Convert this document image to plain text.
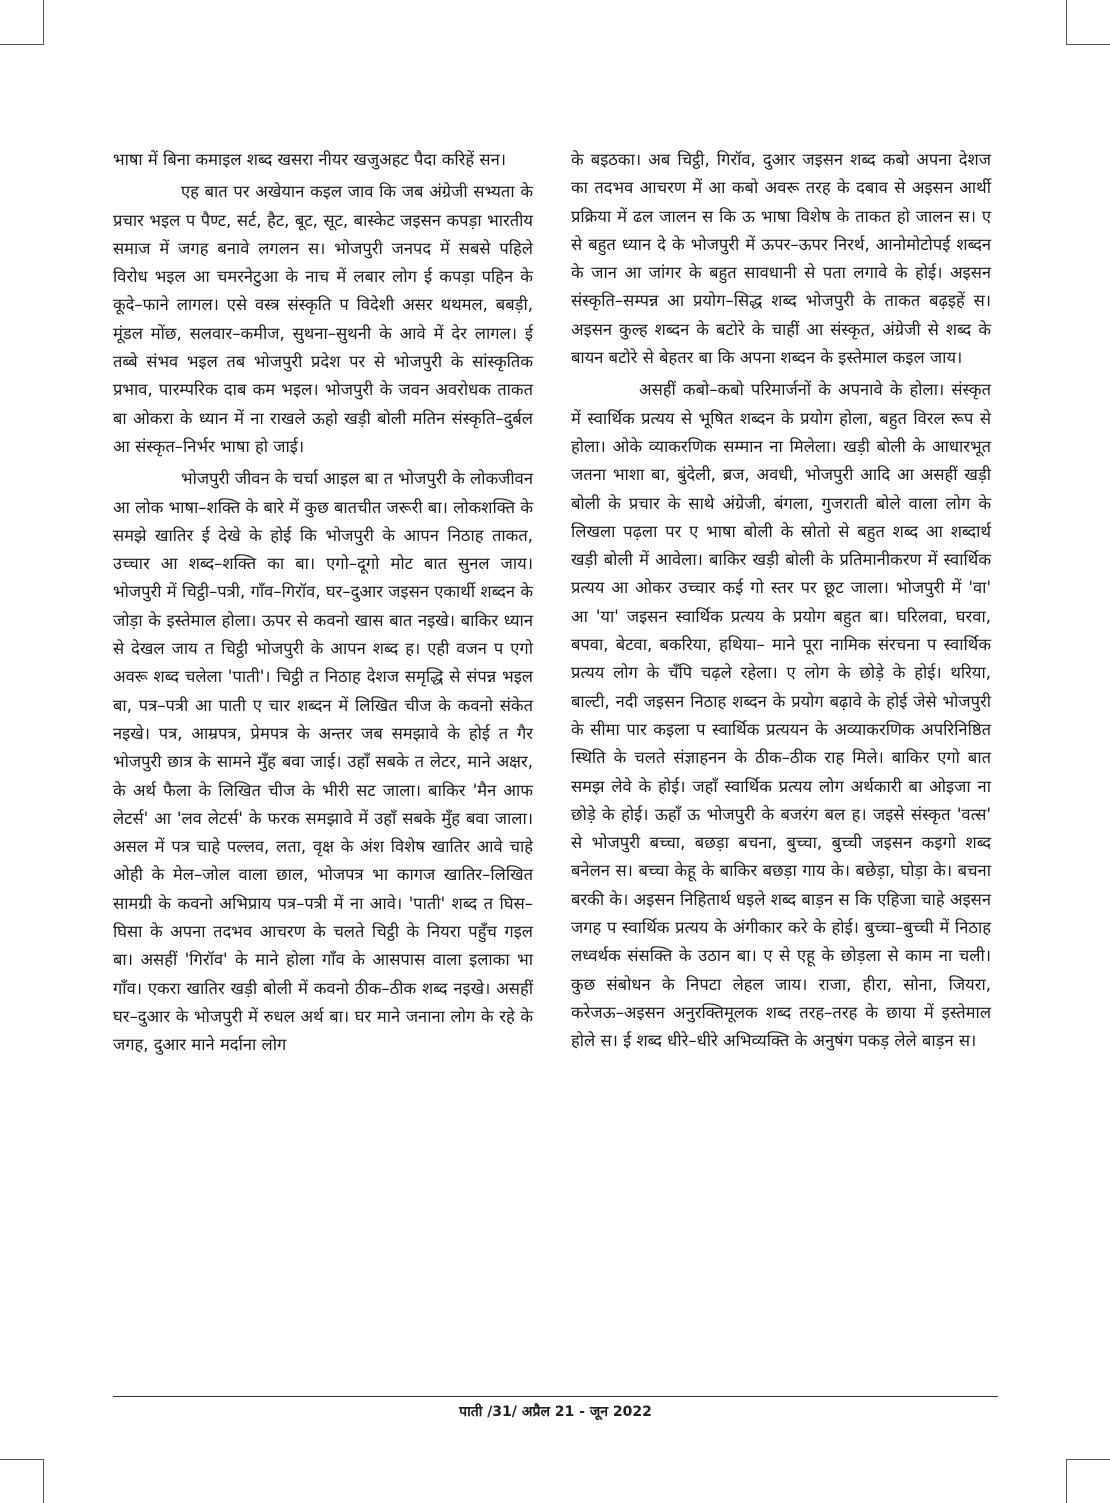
भाषा में बिना कमाइल शब्द खसरा नीयर खजुअहट पैदा करिहें सन।

एह बात पर अखेयान कइल जाव कि जब अंग्रेजी सभ्यता के प्रचार भइल प पैण्ट, सर्ट, हैट, बूट, सूट, बास्केट जइसन कपड़ा भारतीय समाज में जगह बनावे लगलन स। भोजपुरी जनपद में सबसे पहिले विरोध भइल आ चमरनेटुआ के नाच में लबार लोग ई कपड़ा पहिन के कूदे–फाने लागल। एसे वस्त्र संस्कृति प विदेशी असर थथमल, बबड़ी, मूंडल मोंछ, सलवार–कमीज, सुथना–सुथनी के आवे में देर लागल। ई तब्बे संभव भइल तब भोजपुरी प्रदेश पर से भोजपुरी के सांस्कृतिक प्रभाव, पारम्परिक दाब कम भइल। भोजपुरी के जवन अवरोधक ताकत बा ओकरा के ध्यान में ना राखले ऊहो खड़ी बोली मतिन संस्कृति–दुर्बल आ संस्कृत–निर्भर भाषा हो जाई।

भोजपुरी जीवन के चर्चा आइल बा त भोजपुरी के लोकजीवन आ लोक भाषा–शक्ति के बारे में कुछ बातचीत जरूरी बा। लोकशक्ति के समझे खातिर ई देखे के होई कि भोजपुरी के आपन निठाह ताकत, उच्चार आ शब्द–शक्ति का बा। एगो–दूगो मोट बात सुनल जाय। भोजपुरी में चिट्ठी–पत्री, गाँव–गिरॉव, घर–दुआर जइसन एकार्थी शब्दन के जोड़ा के इस्तेमाल होला। ऊपर से कवनो खास बात नइखे। बाकिर ध्यान से देखल जाय त चिट्ठी भोजपुरी के आपन शब्द ह। एही वजन प एगो अवरू शब्द चलेला 'पाती'। चिट्ठी त निठाह देशज समृद्धि से संपन्न भइल बा, पत्र–पत्री आ पाती ए चार शब्दन में लिखित चीज के कवनो संकेत नइखे। पत्र, आम्रपत्र, प्रेमपत्र के अन्तर जब समझावे के होई त गैर भोजपुरी छात्र के सामने मुँह बवा जाई। उहाँ सबके त लेटर, माने अक्षर, के अर्थ फैला के लिखित चीज के भीरी सट जाला। बाकिर 'मैन आफ लेटर्स' आ 'लव लेटर्स' के फरक समझावे में उहाँ सबके मुँह बवा जाला। असल में पत्र चाहे पल्लव, लता, वृक्ष के अंश विशेष खातिर आवे चाहे ओही के मेल–जोल वाला छाल, भोजपत्र भा कागज खातिर–लिखित सामग्री के कवनो अभिप्राय पत्र–पत्री में ना आवे। 'पाती' शब्द त घिस–घिसा के अपना तदभव आचरण के चलते चिट्ठी के नियरा पहुँच गइल बा। असहीं 'गिरॉव' के माने होला गाँव के आसपास वाला इलाका भा गाँव। एकरा खातिर खड़ी बोली में कवनो ठीक–ठीक शब्द नइखे। असहीं घर–दुआर के भोजपुरी में रुधल अर्थ बा। घर माने जनाना लोग के रहे के जगह, दुआर माने मर्दाना लोग

के बइठका। अब चिट्ठी, गिरॉव, दुआर जइसन शब्द कबो अपना देशज का तदभव आचरण में आ कबो अवरू तरह के दबाव से अइसन आर्थी प्रक्रिया में ढल जालन स कि ऊ भाषा विशेष के ताकत हो जालन स। ए से बहुत ध्यान दे के भोजपुरी में ऊपर–ऊपर निरर्थ, आनोमोटोपई शब्दन के जान आ जांगर के बहुत सावधानी से पता लगावे के होई। अइसन संस्कृति–सम्पन्न आ प्रयोग–सिद्ध शब्द भोजपुरी के ताकत बढ़इहें स। अइसन कुल्ह शब्दन के बटोरे के चाहीं आ संस्कृत, अंग्रेजी से शब्द के बायन बटोरे से बेहतर बा कि अपना शब्दन के इस्तेमाल कइल जाय।

असहीं कबो–कबो परिमार्जनों के अपनावे के होला। संस्कृत में स्वार्थिक प्रत्यय से भूषित शब्दन के प्रयोग होला, बहुत विरल रूप से होला। ओके व्याकरणिक सम्मान ना मिलेला। खड़ी बोली के आधारभूत जतना भाशा बा, बुंदेली, ब्रज, अवधी, भोजपुरी आदि आ असहीं खड़ी बोली के प्रचार के साथे अंग्रेजी, बंगला, गुजराती बोले वाला लोग के लिखला पढ़ला पर ए भाषा बोली के स्रोतो से बहुत शब्द आ शब्दार्थ खड़ी बोली में आवेला। बाकिर खड़ी बोली के प्रतिमानीकरण में स्वार्थिक प्रत्यय आ ओकर उच्चार कई गो स्तर पर छूट जाला। भोजपुरी में 'वा' आ 'या' जइसन स्वार्थिक प्रत्यय के प्रयोग बहुत बा। घरिलवा, घरवा, बपवा, बेटवा, बकरिया, हथिया– माने पूरा नामिक संरचना प स्वार्थिक प्रत्यय लोग के चँपि चढ़ले रहेला। ए लोग के छोड़े के होई। थरिया, बाल्टी, नदी जइसन निठाह शब्दन के प्रयोग बढ़ावे के होई जेसे भोजपुरी के सीमा पार कइला प स्वार्थिक प्रत्ययन के अव्याकरणिक अपरिनिष्ठित स्थिति के चलते संज्ञाहनन के ठीक–ठीक राह मिले। बाकिर एगो बात समझ लेवे के होई। जहाँ स्वार्थिक प्रत्यय लोग अर्थकारी बा ओइजा ना छोड़े के होई। ऊहाँ ऊ भोजपुरी के बजरंग बल ह। जइसे संस्कृत 'वत्स' से भोजपुरी बच्चा, बछड़ा बचना, बुच्चा, बुच्ची जइसन कइगो शब्द बनेलन स। बच्चा केहू के बाकिर बछड़ा गाय के। बछेड़ा, घोड़ा के। बचना बरकी के। अइसन निहितार्थ धइले शब्द बाड़न स कि एहिजा चाहे अइसन जगह प स्वार्थिक प्रत्यय के अंगीकार करे के होई। बुच्चा–बुच्ची में निठाह लध्वर्थक संसक्ति के उठान बा। ए से एहू के छोड़ला से काम ना चली। कुछ संबोधन के निपटा लेहल जाय। राजा, हीरा, सोना, जियरा, करेजऊ–अइसन अनुरक्तिमूलक शब्द तरह–तरह के छाया में इस्तेमाल होले स। ई शब्द धीरे–धीरे अभिव्यक्ति के अनुषंग पकड़ लेले बाड़न स।

पाती /31/ अप्रैल 21 - जून 2022
